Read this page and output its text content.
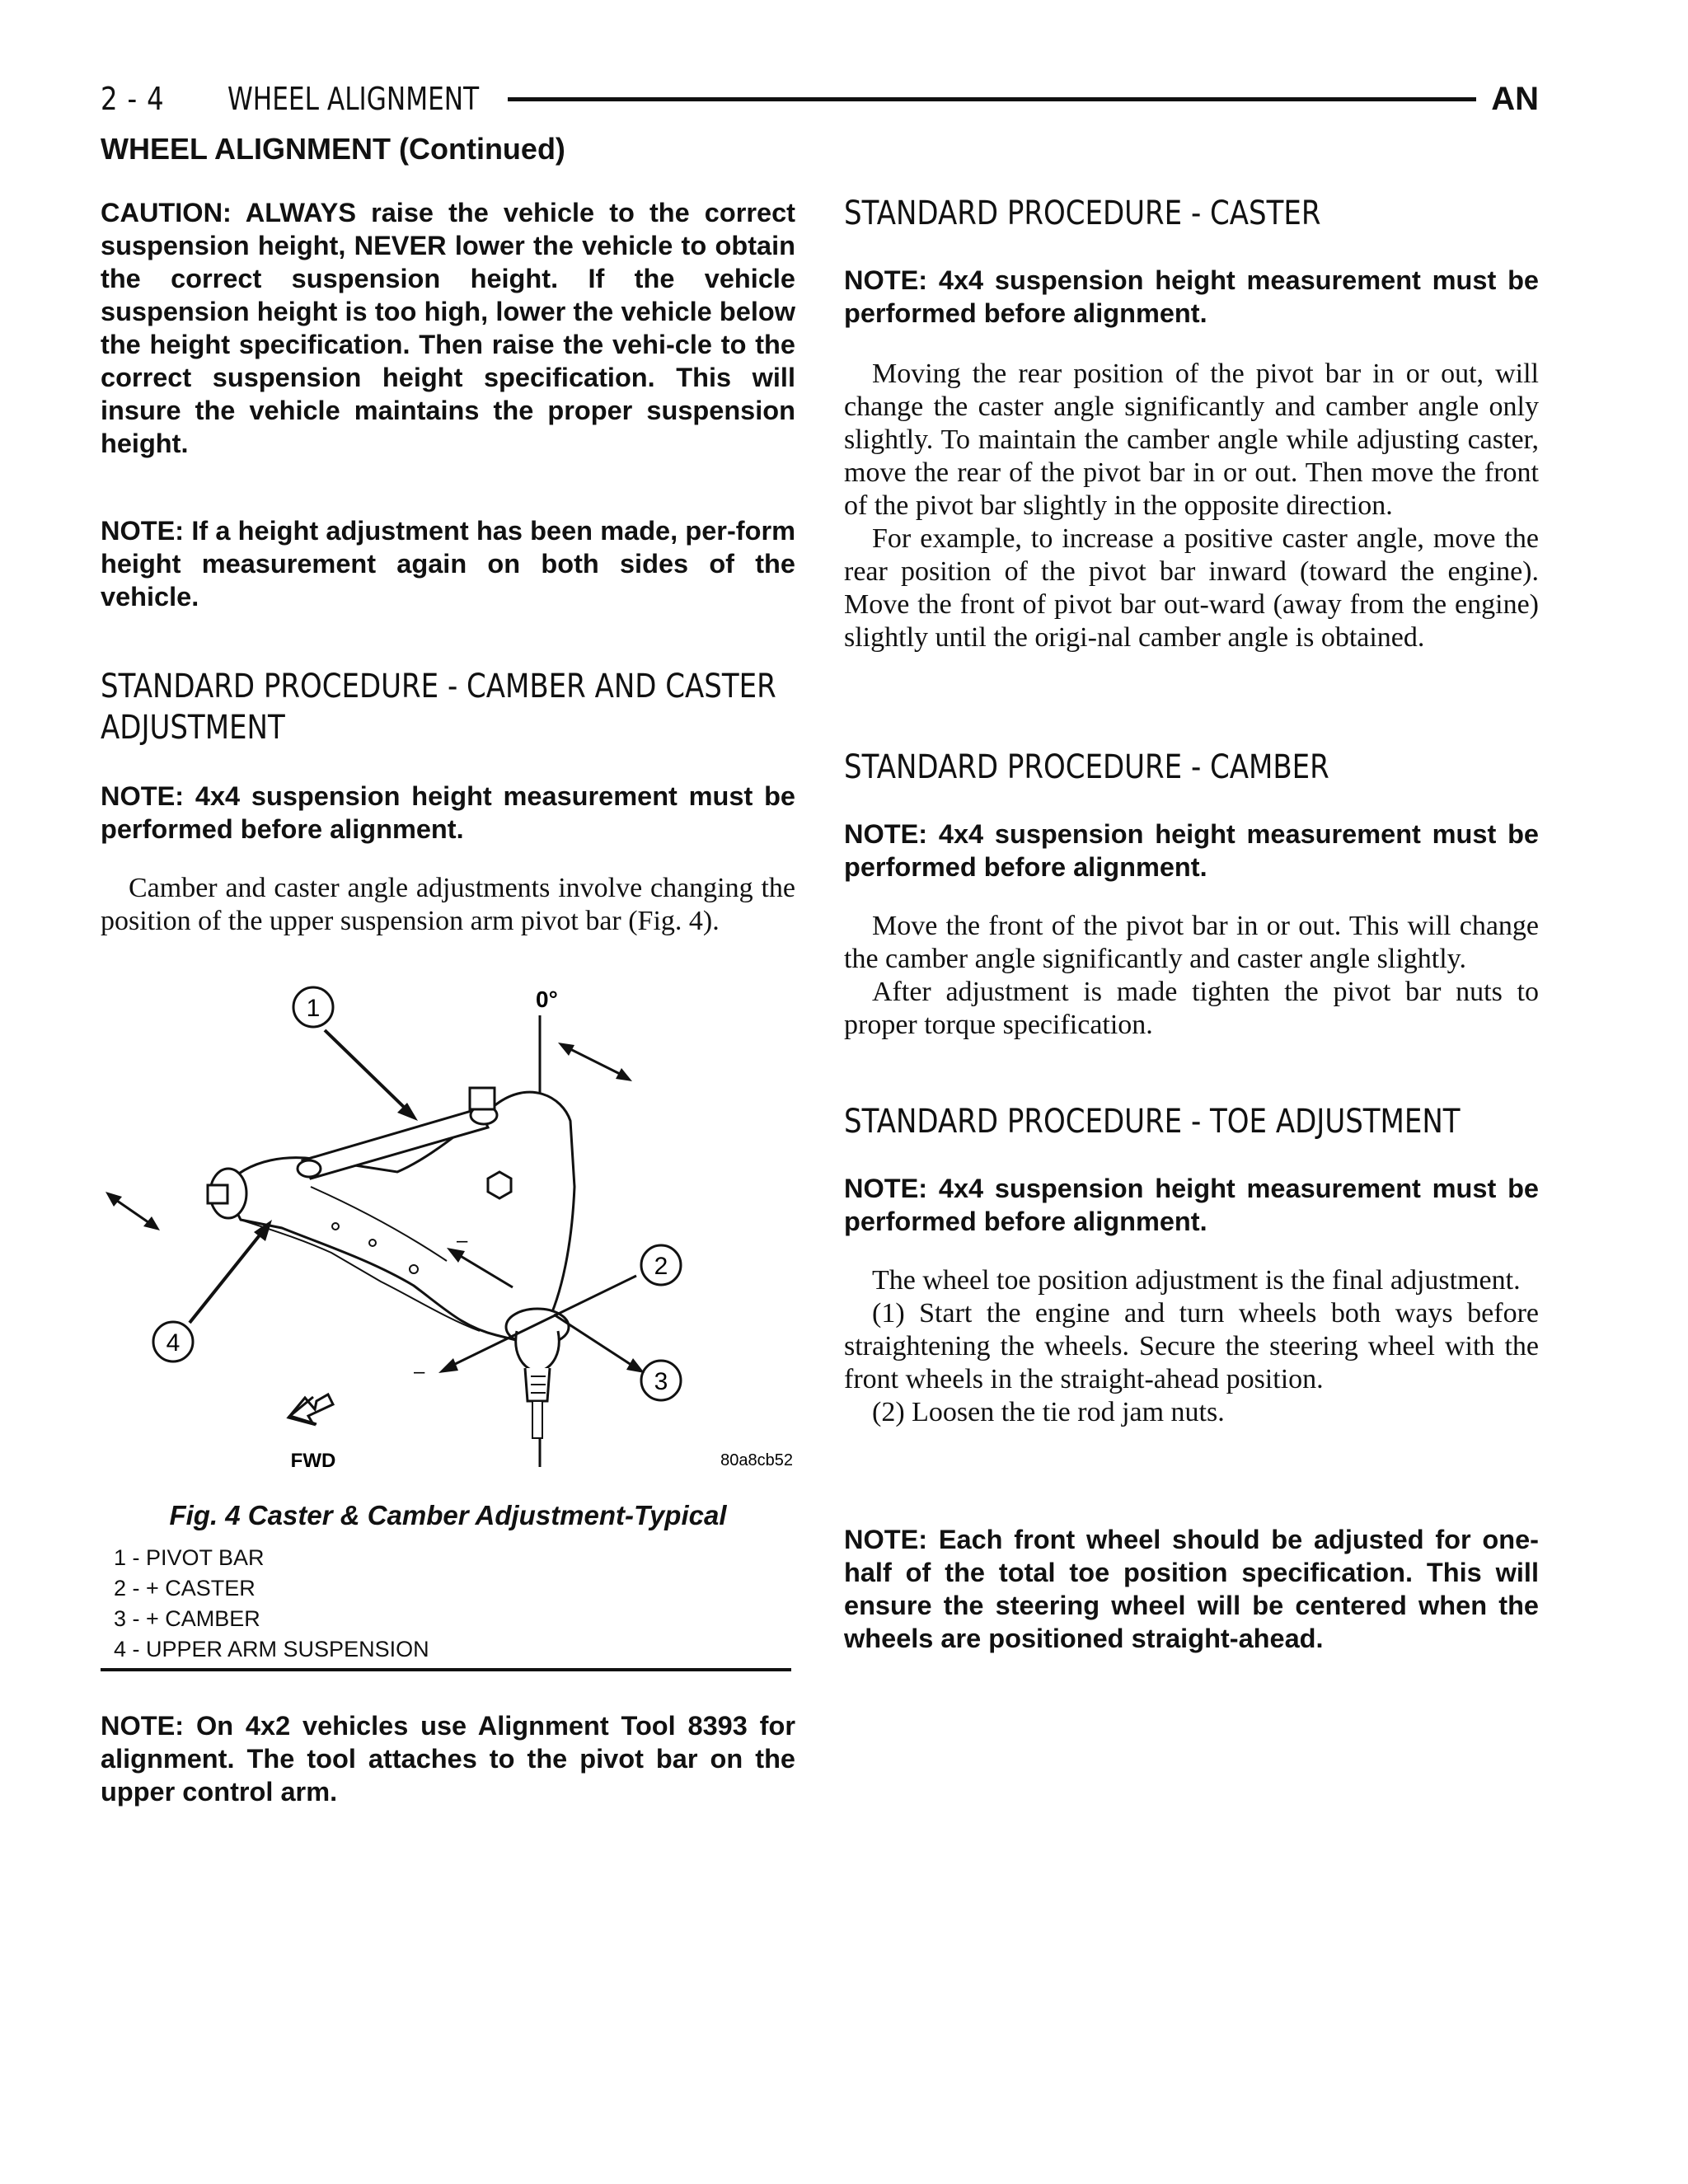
2 - 4	WHEEL ALIGNMENT	AN
WHEEL ALIGNMENT (Continued)

CAUTION: ALWAYS raise the vehicle to the correct suspension height, NEVER lower the vehicle to obtain the correct suspension height. If the vehicle suspension height is too high, lower the vehicle below the height specification. Then raise the vehi-cle to the correct suspension height specification. This will insure the vehicle maintains the proper suspension height.

NOTE: If a height adjustment has been made, per-form height measurement again on both sides of the vehicle.

STANDARD PROCEDURE - CAMBER AND CASTER ADJUSTMENT

NOTE: 4x4 suspension height measurement must be performed before alignment.

Camber and caster angle adjustments involve changing the position of the upper suspension arm pivot bar (Fig. 4).

0°
1
2
–
–	3
4
FWD	80a8cb52
Fig. 4 Caster & Camber Adjustment-Typical
1 - PIVOT BAR
2 - + CASTER
3 - + CAMBER
4 - UPPER ARM SUSPENSION

NOTE: On 4x2 vehicles use Alignment Tool 8393 for alignment. The tool attaches to the pivot bar on the upper control arm.

STANDARD PROCEDURE - CASTER

NOTE: 4x4 suspension height measurement must be performed before alignment.

Moving the rear position of the pivot bar in or out, will change the caster angle significantly and camber angle only slightly. To maintain the camber angle while adjusting caster, move the rear of the pivot bar in or out. Then move the front of the pivot bar slightly in the opposite direction.

For example, to increase a positive caster angle, move the rear position of the pivot bar inward (toward the engine). Move the front of pivot bar out-ward (away from the engine) slightly until the origi-nal camber angle is obtained.

STANDARD PROCEDURE - CAMBER

NOTE: 4x4 suspension height measurement must be performed before alignment.

Move the front of the pivot bar in or out. This will change the camber angle significantly and caster angle slightly.

After adjustment is made tighten the pivot bar nuts to proper torque specification.

STANDARD PROCEDURE - TOE ADJUSTMENT

NOTE: 4x4 suspension height measurement must be performed before alignment.

The wheel toe position adjustment is the final adjustment.

(1) Start the engine and turn wheels both ways before straightening the wheels. Secure the steering wheel with the front wheels in the straight-ahead position.

(2) Loosen the tie rod jam nuts.

NOTE: Each front wheel should be adjusted for one-half of the total toe position specification. This will ensure the steering wheel will be centered when the wheels are positioned straight-ahead.
